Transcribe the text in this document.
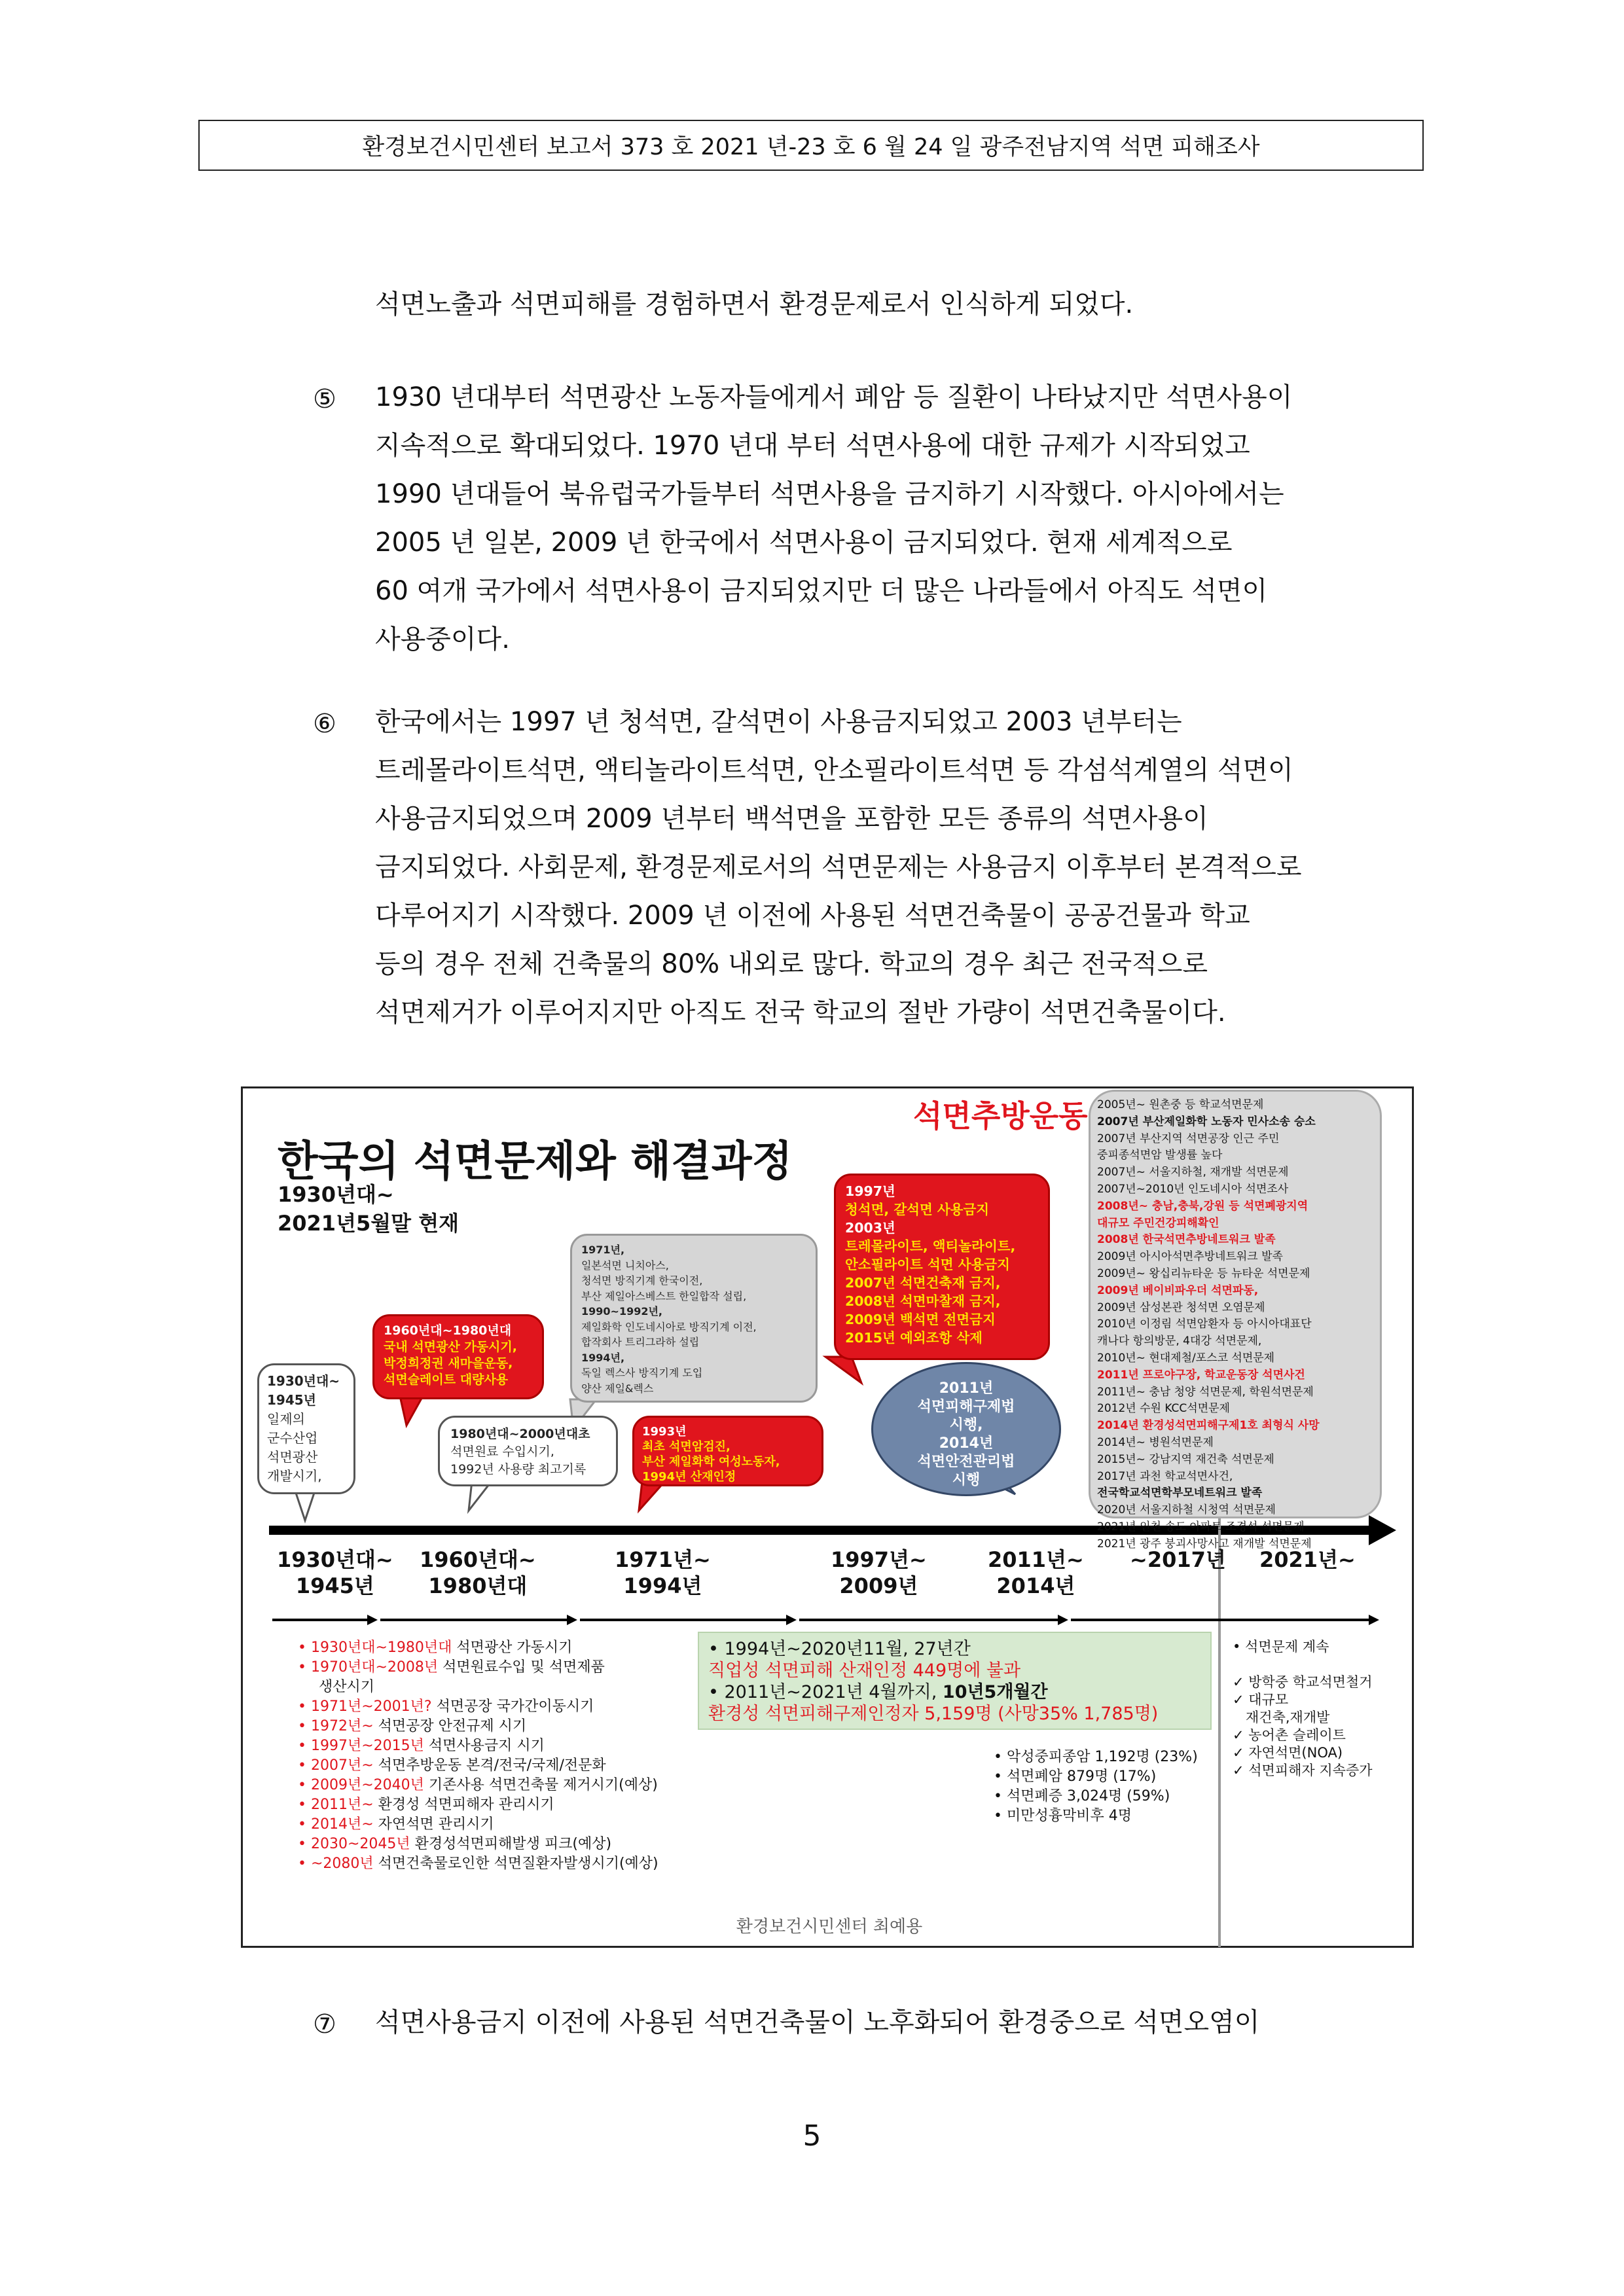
환경보건시민센터 보고서 373 호 2021 년-23 호 6 월 24 일 광주전남지역 석면 피해조사
석면노출과 석면피해를 경험하면서 환경문제로서 인식하게 되었다.
⑤ 1930 년대부터 석면광산 노동자들에게서 폐암 등 질환이 나타났지만 석면사용이
지속적으로 확대되었다. 1970 년대 부터 석면사용에 대한 규제가 시작되었고
1990 년대들어 북유럽국가들부터 석면사용을 금지하기 시작했다. 아시아에서는
2005 년 일본, 2009 년 한국에서 석면사용이 금지되었다. 현재 세계적으로
60 여개 국가에서 석면사용이 금지되었지만 더 많은 나라들에서 아직도 석면이
사용중이다.
⑥ 한국에서는 1997 년 청석면, 갈석면이 사용금지되었고 2003 년부터는
트레몰라이트석면, 액티놀라이트석면, 안소필라이트석면 등 각섬석계열의 석면이
사용금지되었으며 2009 년부터 백석면을 포함한 모든 종류의 석면사용이
금지되었다. 사회문제, 환경문제로서의 석면문제는 사용금지 이후부터 본격적으로
다루어지기 시작했다. 2009 년 이전에 사용된 석면건축물이 공공건물과 학교
등의 경우 전체 건축물의 80% 내외로 많다. 학교의 경우 최근 전국적으로
석면제거가 이루어지지만 아직도 전국 학교의 절반 가량이 석면건축물이다.
한국의 석면문제와 해결과정
1930년대~
2021년5월말 현재
석면추방운동
1930년대~
1945년
일제의
군수산업
석면광산
개발시기,
1960년대~1980년대
국내 석면광산 가동시기,
박정희정권 새마을운동,
석면슬레이트 대량사용
1980년대~2000년대초
석면원료 수입시기,
1992년 사용량 최고기록
1971년,
일본석면 니치아스,
청석면 방직기계 한국이전,
부산 제일아스베스트 한일합작 설립,
1990~1992년,
제일화학 인도네시아로 방직기계 이전,
합작회사 트리그라하 설립
1994년,
독일 렉스사 방직기계 도입
양산 제일&렉스
1993년
최초 석면암검진,
부산 제일화학 여성노동자,
1994년 산재인정
1997년
청석면, 갈석면 사용금지
2003년
트레몰라이트, 액티놀라이트,
안소필라이트 석면 사용금지
2007년 석면건축재 금지,
2008년 석면마찰재 금지,
2009년 백석면 전면금지
2015년 예외조항 삭제
2011년
석면피해구제법
시행,
2014년
석면안전관리법
시행
2005년~ 원촌중 등 학교석면문제
2007년 부산제일화학 노동자 민사소송 승소
2007년 부산지역 석면공장 인근 주민
중피종석면암 발생률 높다
2007년~ 서울지하철, 재개발 석면문제
2007년~2010년 인도네시아 석면조사
2008년~ 충남,충북,강원 등 석면폐광지역
대규모 주민건강피해확인
2008년 한국석면추방네트워크 발족
2009년 아시아석면추방네트워크 발족
2009년~ 왕십리뉴타운 등 뉴타운 석면문제
2009년 베이비파우더 석면파동,
2009년 삼성본관 청석면 오염문제
2010년 이정림 석면암환자 등 아시아대표단
캐나다 항의방문, 4대강 석면문제,
2010년~ 현대제철/포스코 석면문제
2011년 프로야구장, 학교운동장 석면사건
2011년~ 충남 청양 석면문제, 학원석면문제
2012년 수원 KCC석면문제
2014년 환경성석면피해구제1호 최형식 사망
2014년~ 병원석면문제
2015년~ 강남지역 재건축 석면문제
2017년 과천 학교석면사건,
전국학교석면학부모네트워크 발족
2020년 서울지하철 시청역 석면문제
2021년 인천 송도 아파트 조경석 석면문제
2021년 광주 붕괴사망사고 재개발 석면문제
1930년대~
1945년
1960년대~
1980년대
1971년~
1994년
1997년~
2009년
2011년~
2014년
~2017년 2021년~
• 1930년대~1980년대 석면광산 가동시기
• 1970년대~2008년 석면원료수입 및 석면제품
생산시기
• 1971년~2001년? 석면공장 국가간이동시기
• 1972년~ 석면공장 안전규제 시기
• 1997년~2015년 석면사용금지 시기
• 2007년~ 석면추방운동 본격/전국/국제/전문화
• 2009년~2040년 기존사용 석면건축물 제거시기(예상)
• 2011년~ 환경성 석면피해자 관리시기
• 2014년~ 자연석면 관리시기
• 2030~2045년 환경성석면피해발생 피크(예상)
• ~2080년 석면건축물로인한 석면질환자발생시기(예상)
• 1994년~2020년11월, 27년간
직업성 석면피해 산재인정 449명에 불과
• 2011년~2021년 4월까지, 10년5개월간
환경성 석면피해구제인정자 5,159명 (사망35% 1,785명)
• 악성중피종암 1,192명 (23%)
• 석면폐암 879명 (17%)
• 석면폐증 3,024명 (59%)
• 미만성흉막비후 4명
• 석면문제 계속
✓ 방학중 학교석면철거
✓ 대규모
재건축,재개발
✓ 농어촌 슬레이트
✓ 자연석면(NOA)
✓ 석면피해자 지속증가
환경보건시민센터 최예용
⑦ 석면사용금지 이전에 사용된 석면건축물이 노후화되어 환경중으로 석면오염이
5
